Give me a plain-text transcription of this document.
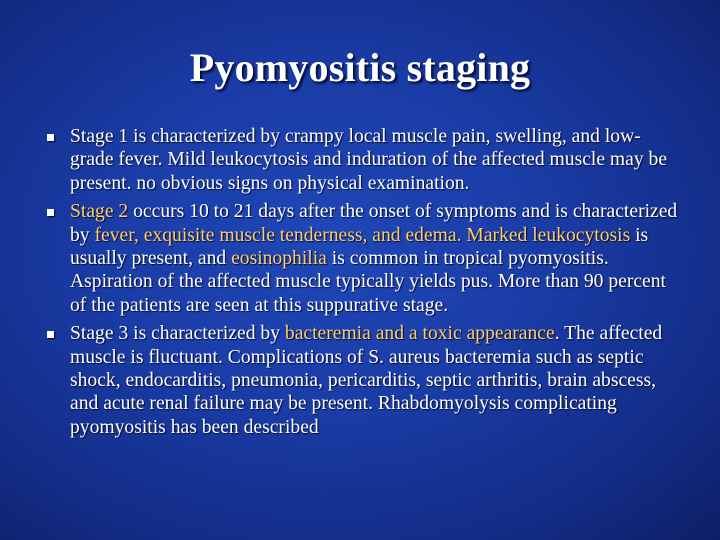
Pyomyositis staging
Stage 1 is characterized by crampy local muscle pain, swelling, and low-grade fever. Mild leukocytosis and induration of the affected muscle may be present. no obvious signs on physical examination.
Stage 2 occurs 10 to 21 days after the onset of symptoms and is characterized by fever, exquisite muscle tenderness, and edema. Marked leukocytosis is usually present, and eosinophilia is common in tropical pyomyositis. Aspiration of the affected muscle typically yields pus. More than 90 percent of the patients are seen at this suppurative stage.
Stage 3 is characterized by bacteremia and a toxic appearance. The affected muscle is fluctuant. Complications of S. aureus bacteremia such as septic shock, endocarditis, pneumonia, pericarditis, septic arthritis, brain abscess, and acute renal failure may be present. Rhabdomyolysis complicating pyomyositis has been described
